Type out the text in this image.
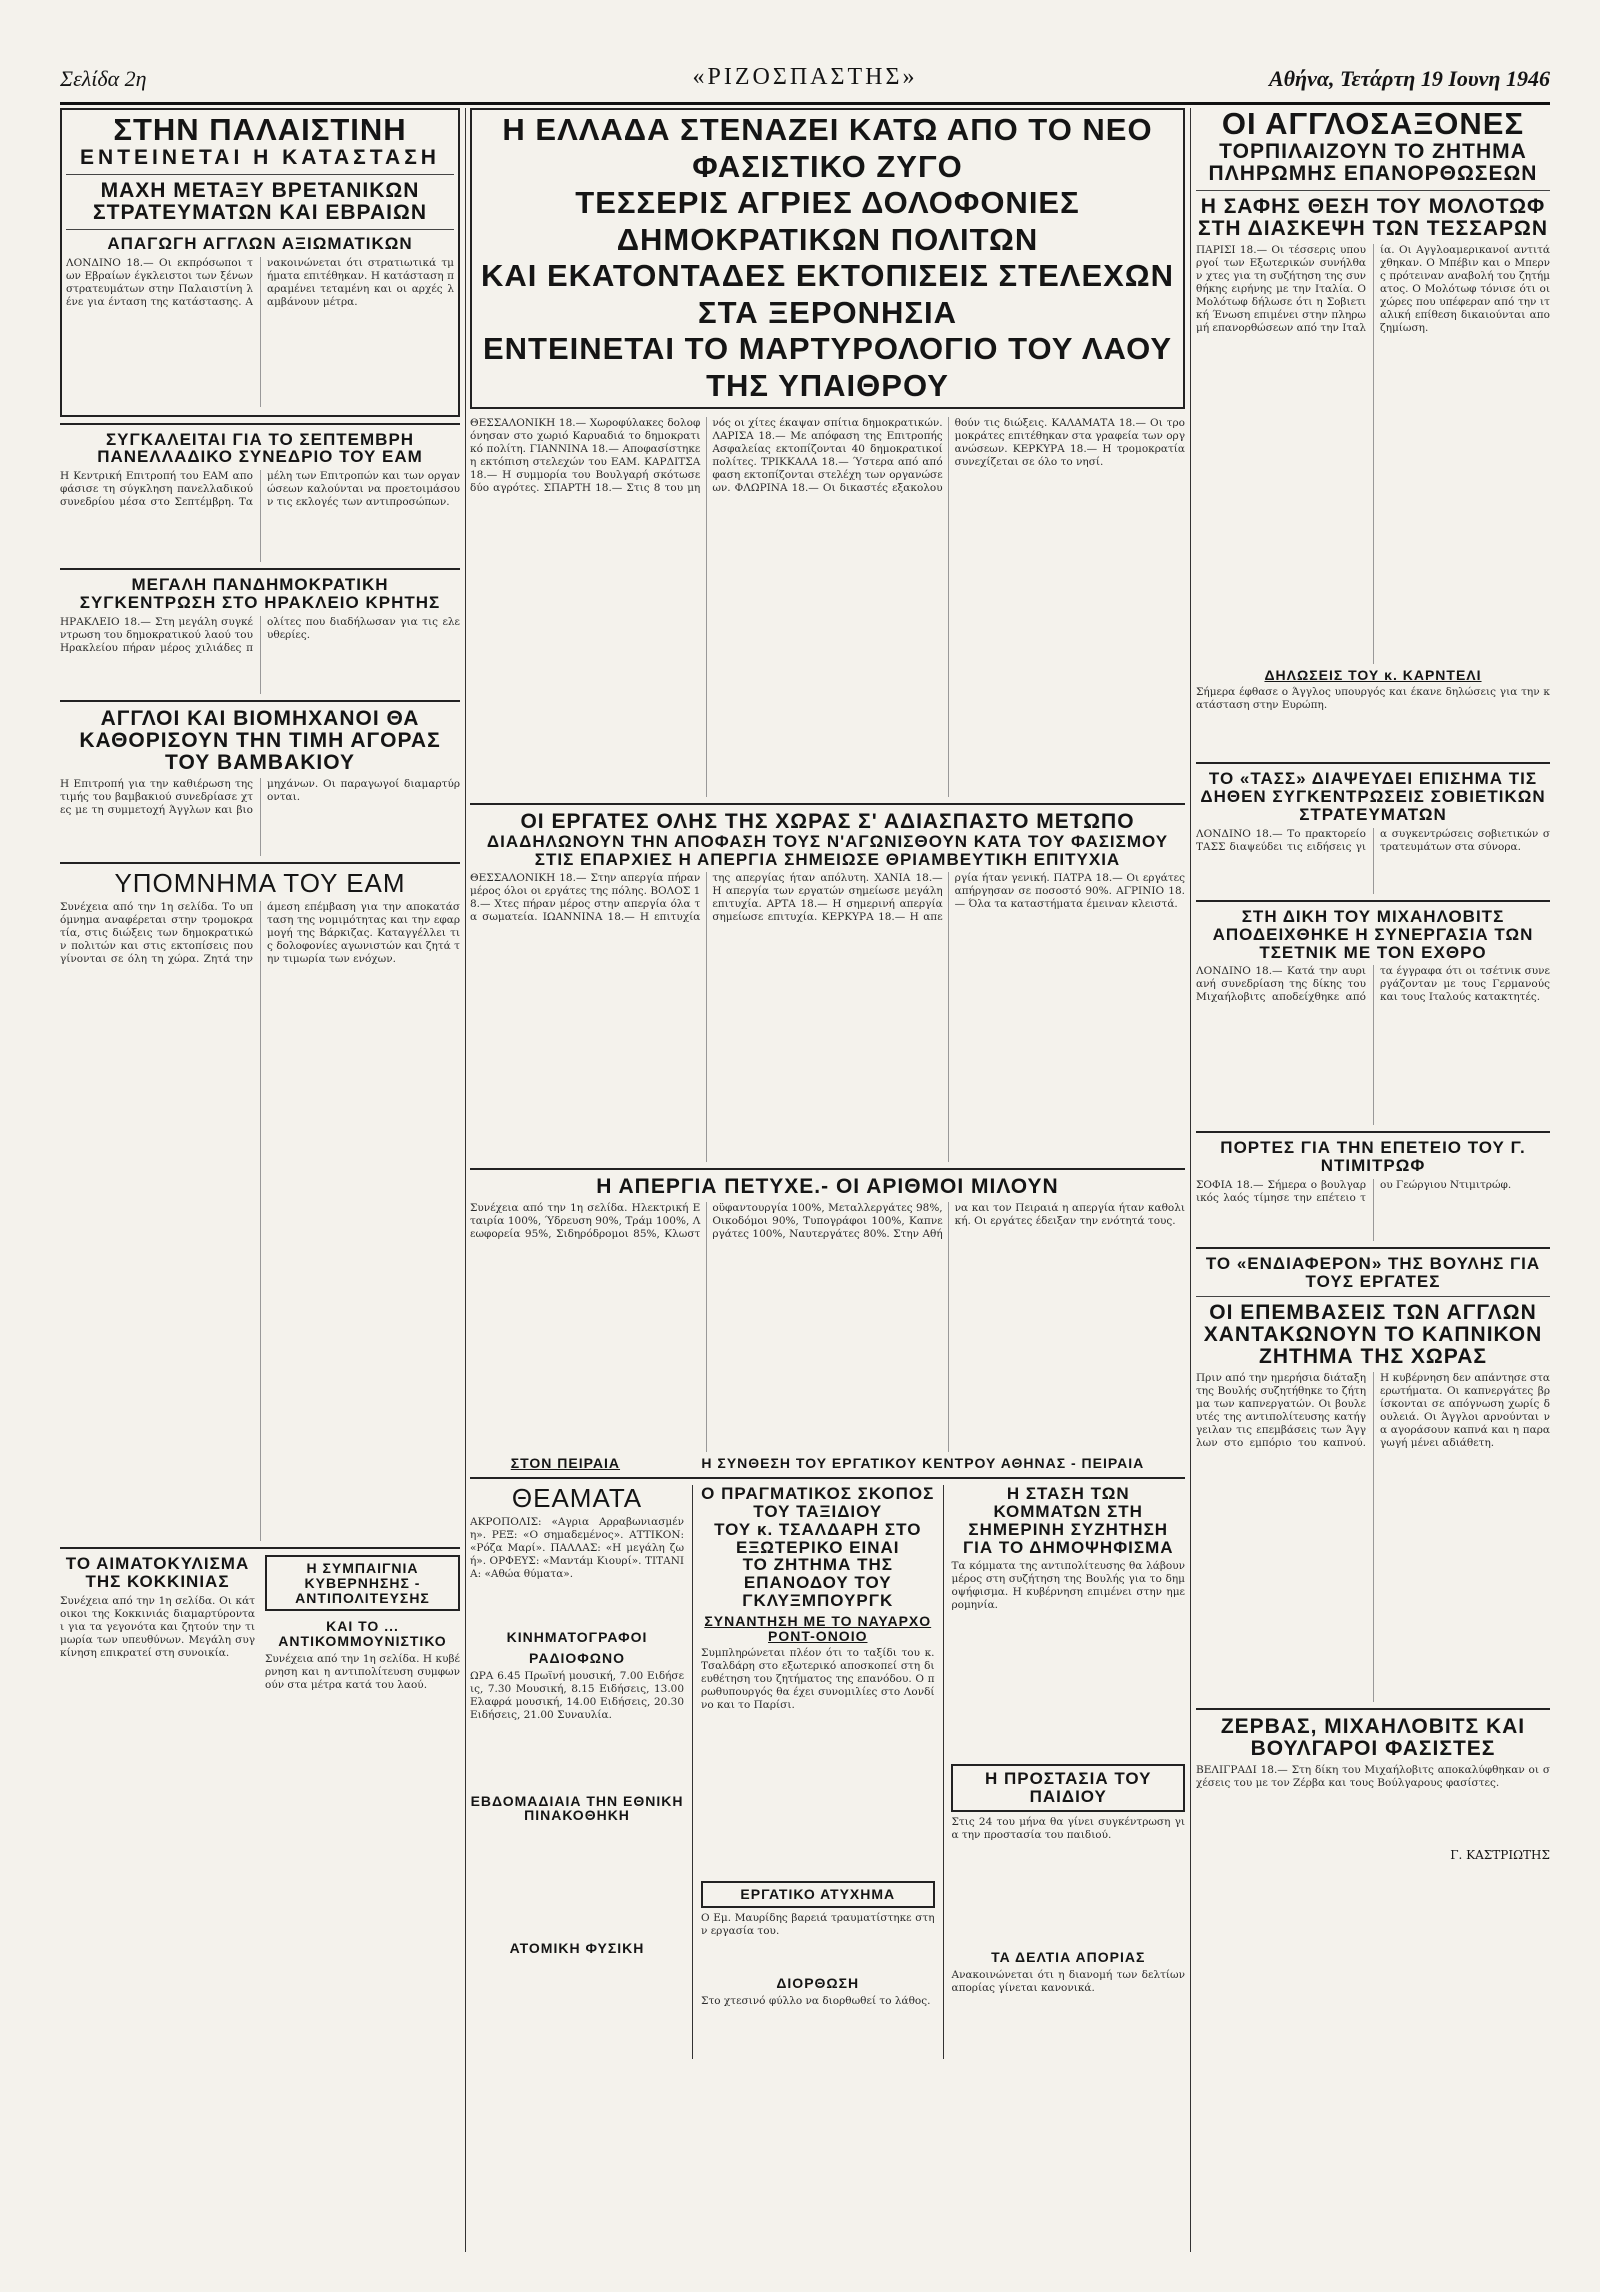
Σελίδα 2η	«ΡΙΖΟΣΠΑΣΤΗΣ»	Αθήνα, Τετάρτη 19 Ιουνη 1946
ΣΤΗΝ ΠΑΛΑΙΣΤΙΝΗ
ΕΝΤΕΙΝΕΤΑΙ Η ΚΑΤΑΣΤΑΣΗ
ΜΑΧΗ ΜΕΤΑΞΥ ΒΡΕΤΑΝΙΚΩΝ ΣΤΡΑΤΕΥΜΑΤΩΝ ΚΑΙ ΕΒΡΑΙΩΝ
ΑΠΑΓΩΓΗ ΑΓΓΛΩΝ ΑΞΙΩΜΑΤΙΚΩΝ
ΛΟΝΔΙΝΟ 18.— Οι εκπρόσωποι των Εβραίων έγκλειστοι των ξένων στρατευμάτων στην Παλαιστίνη λένε για ένταση της κατάστασης. Ανακοινώνεται ότι στρατιωτικά τμήματα επιτέθηκαν. Η κατάσταση παραμένει τεταμένη και οι αρχές λαμβάνουν μέτρα.
ΣΥΓΚΑΛΕΙΤΑΙ ΓΙΑ ΤΟ ΣΕΠΤΕΜΒΡΗ
ΠΑΝΕΛΛΑΔΙΚΟ ΣΥΝΕΔΡΙΟ ΤΟΥ ΕΑΜ
Η Κεντρική Επιτροπή του ΕΑΜ αποφάσισε τη σύγκληση πανελλαδικού συνεδρίου μέσα στο Σεπτέμβρη. Τα μέλη των Επιτροπών και των οργανώσεων καλούνται να προετοιμάσουν τις εκλογές των αντιπροσώπων.
ΜΕΓΑΛΗ ΠΑΝΔΗΜΟΚΡΑΤΙΚΗ
ΣΥΓΚΕΝΤΡΩΣΗ ΣΤΟ ΗΡΑΚΛΕΙΟ ΚΡΗΤΗΣ
ΗΡΑΚΛΕΙΟ 18.— Στη μεγάλη συγκέντρωση του δημοκρατικού λαού του Ηρακλείου πήραν μέρος χιλιάδες πολίτες που διαδήλωσαν για τις ελευθερίες.
ΑΓΓΛΟΙ ΚΑΙ ΒΙΟΜΗΧΑΝΟΙ ΘΑ ΚΑΘΟΡΙΣΟΥΝ ΤΗΝ ΤΙΜΗ ΑΓΟΡΑΣ ΤΟΥ ΒΑΜΒΑΚΙΟΥ
Η Επιτροπή για την καθιέρωση της τιμής του βαμβακιού συνεδρίασε χτες με τη συμμετοχή Άγγλων και βιομηχάνων. Οι παραγωγοί διαμαρτύρονται.
ΥΠΟΜΝΗΜΑ ΤΟΥ ΕΑΜ
Συνέχεια από την 1η σελίδα. Το υπόμνημα αναφέρεται στην τρομοκρατία, στις διώξεις των δημοκρατικών πολιτών και στις εκτοπίσεις που γίνονται σε όλη τη χώρα. Ζητά την άμεση επέμβαση για την αποκατάσταση της νομιμότητας και την εφαρμογή της Βάρκιζας. Καταγγέλλει τις δολοφονίες αγωνιστών και ζητά την τιμωρία των ενόχων.
ΤΟ ΑΙΜΑΤΟΚΥΛΙΣΜΑ ΤΗΣ ΚΟΚΚΙΝΙΑΣ
Συνέχεια από την 1η σελίδα. Οι κάτοικοι της Κοκκινιάς διαμαρτύρονται για τα γεγονότα και ζητούν την τιμωρία των υπευθύνων. Μεγάλη συγκίνηση επικρατεί στη συνοικία.
Η ΣΥΜΠΑΙΓΝΙΑ ΚΥΒΕΡΝΗΣΗΣ - ΑΝΤΙΠΟΛΙΤΕΥΣΗΣ
ΚΑΙ ΤΟ ... ΑΝΤΙΚΟΜΜΟΥΝΙΣΤΙΚΟ
Συνέχεια από την 1η σελίδα. Η κυβέρνηση και η αντιπολίτευση συμφωνούν στα μέτρα κατά του λαού.
Η ΕΛΛΑΔΑ ΣΤΕΝΑΖΕΙ ΚΑΤΩ ΑΠΟ ΤΟ ΝΕΟ ΦΑΣΙΣΤΙΚΟ ΖΥΓΟ
ΤΕΣΣΕΡΙΣ ΑΓΡΙΕΣ ΔΟΛΟΦΟΝΙΕΣ ΔΗΜΟΚΡΑΤΙΚΩΝ ΠΟΛΙΤΩΝ
ΚΑΙ ΕΚΑΤΟΝΤΑΔΕΣ ΕΚΤΟΠΙΣΕΙΣ ΣΤΕΛΕΧΩΝ ΣΤΑ ΞΕΡΟΝΗΣΙΑ
ΕΝΤΕΙΝΕΤΑΙ ΤΟ ΜΑΡΤΥΡΟΛΟΓΙΟ ΤΟΥ ΛΑΟΥ ΤΗΣ ΥΠΑΙΘΡΟΥ
ΘΕΣΣΑΛΟΝΙΚΗ 18.— Χωροφύλακες δολοφόνησαν στο χωριό Καρυαδιά το δημοκρατικό πολίτη. ΓΙΑΝΝΙΝΑ 18.— Αποφασίστηκε η εκτόπιση στελεχών του ΕΑΜ. ΚΑΡΔΙΤΣΑ 18.— Η συμμορία του Βουλγαρή σκότωσε δύο αγρότες. ΣΠΑΡΤΗ 18.— Στις 8 του μηνός οι χίτες έκαψαν σπίτια δημοκρατικών. ΛΑΡΙΣΑ 18.— Με απόφαση της Επιτροπής Ασφαλείας εκτοπίζονται 40 δημοκρατικοί πολίτες. ΤΡΙΚΚΑΛΑ 18.— Ύστερα από απόφαση εκτοπίζονται στελέχη των οργανώσεων. ΦΛΩΡΙΝΑ 18.— Οι δικαστές εξακολουθούν τις διώξεις. ΚΑΛΑΜΑΤΑ 18.— Οι τρομοκράτες επιτέθηκαν στα γραφεία των οργανώσεων. ΚΕΡΚΥΡΑ 18.— Η τρομοκρατία συνεχίζεται σε όλο το νησί.
ΟΙ ΕΡΓΑΤΕΣ ΟΛΗΣ ΤΗΣ ΧΩΡΑΣ Σ' ΑΔΙΑΣΠΑΣΤΟ ΜΕΤΩΠΟ
ΔΙΑΔΗΛΩΝΟΥΝ ΤΗΝ ΑΠΟΦΑΣΗ ΤΟΥΣ Ν'ΑΓΩΝΙΣΘΟΥΝ ΚΑΤΑ ΤΟΥ ΦΑΣΙΣΜΟΥ
ΣΤΙΣ ΕΠΑΡΧΙΕΣ Η ΑΠΕΡΓΙΑ ΣΗΜΕΙΩΣΕ ΘΡΙΑΜΒΕΥΤΙΚΗ ΕΠΙΤΥΧΙΑ
ΘΕΣΣΑΛΟΝΙΚΗ 18.— Στην απεργία πήραν μέρος όλοι οι εργάτες της πόλης. ΒΟΛΟΣ 18.— Χτες πήραν μέρος στην απεργία όλα τα σωματεία. ΙΩΑΝΝΙΝΑ 18.— Η επιτυχία της απεργίας ήταν απόλυτη. ΧΑΝΙΑ 18.— Η απεργία των εργατών σημείωσε μεγάλη επιτυχία. ΑΡΤΑ 18.— Η σημερινή απεργία σημείωσε επιτυχία. ΚΕΡΚΥΡΑ 18.— Η απεργία ήταν γενική. ΠΑΤΡΑ 18.— Οι εργάτες απήργησαν σε ποσοστό 90%. ΑΓΡΙΝΙΟ 18.— Όλα τα καταστήματα έμειναν κλειστά.
Η ΑΠΕΡΓΙΑ ΠΕΤΥΧΕ.- ΟΙ ΑΡΙΘΜΟΙ ΜΙΛΟΥΝ
Συνέχεια από την 1η σελίδα. Ηλεκτρική Εταιρία 100%, Ύδρευση 90%, Τράμ 100%, Λεωφορεία 95%, Σιδηρόδρομοι 85%, Κλωστοϋφαντουργία 100%, Μεταλλεργάτες 98%, Οικοδόμοι 90%, Τυπογράφοι 100%, Καπνεργάτες 100%, Ναυτεργάτες 80%. Στην Αθήνα και τον Πειραιά η απεργία ήταν καθολική. Οι εργάτες έδειξαν την ενότητά τους.
ΣΤΟΝ ΠΕΙΡΑΙΑ	Η ΣΥΝΘΕΣΗ ΤΟΥ ΕΡΓΑΤΙΚΟΥ ΚΕΝΤΡΟΥ ΑΘΗΝΑΣ - ΠΕΙΡΑΙΑ
ΘΕΑΜΑΤΑ
ΑΚΡΟΠΟΛΙΣ: «Αγρια Αρραβωνιασμένη». ΡΕΞ: «Ο σημαδεμένος». ΑΤΤΙΚΟΝ: «Ρόζα Μαρί». ΠΑΛΛΑΣ: «Η μεγάλη ζωή». ΟΡΦΕΥΣ: «Μαντάμ Κιουρί». ΤΙΤΑΝΙΑ: «Αθώα θύματα».
ΚΙΝΗΜΑΤΟΓΡΑΦΟΙ
ΡΑΔΙΟΦΩΝΟ
ΩΡΑ 6.45 Πρωϊνή μουσική, 7.00 Ειδήσεις, 7.30 Μουσική, 8.15 Ειδήσεις, 13.00 Ελαφρά μουσική, 14.00 Ειδήσεις, 20.30 Ειδήσεις, 21.00 Συναυλία.
ΕΒΔΟΜΑΔΙΑΙΑ ΤΗΝ ΕΘΝΙΚΗ ΠΙΝΑΚΟΘΗΚΗ
ΑΤΟΜΙΚΗ ΦΥΣΙΚΗ
Ο ΠΡΑΓΜΑΤΙΚΟΣ ΣΚΟΠΟΣ ΤΟΥ ΤΑΞΙΔΙΟΥ
ΤΟΥ κ. ΤΣΑΛΔΑΡΗ ΣΤΟ ΕΞΩΤΕΡΙΚΟ ΕΙΝΑΙ
ΤΟ ΖΗΤΗΜΑ ΤΗΣ ΕΠΑΝΟΔΟΥ ΤΟΥ ΓΚΛΥΞΜΠΟΥΡΓΚ
ΣΥΝΑΝΤΗΣΗ ΜΕ ΤΟ ΝΑΥΑΡΧΟ ΡΟΝΤ-ΟΝΟΙΟ
Συμπληρώνεται πλέον ότι το ταξίδι του κ. Τσαλδάρη στο εξωτερικό αποσκοπεί στη διευθέτηση του ζητήματος της επανόδου. Ο πρωθυπουργός θα έχει συνομιλίες στο Λονδίνο και το Παρίσι.
ΕΡΓΑΤΙΚΟ ΑΤΥΧΗΜΑ
Ο Εμ. Μαυρίδης βαρειά τραυματίστηκε στην εργασία του.
ΔΙΟΡΘΩΣΗ
Στο χτεσινό φύλλο να διορθωθεί το λάθος.
Η ΣΤΑΣΗ ΤΩΝ ΚΟΜΜΑΤΩΝ ΣΤΗ ΣΗΜΕΡΙΝΗ ΣΥΖΗΤΗΣΗ ΓΙΑ ΤΟ ΔΗΜΟΨΗΦΙΣΜΑ
Τα κόμματα της αντιπολίτευσης θα λάβουν μέρος στη συζήτηση της Βουλής για το δημοψήφισμα. Η κυβέρνηση επιμένει στην ημερομηνία.
Η ΠΡΟΣΤΑΣΙΑ ΤΟΥ ΠΑΙΔΙΟΥ
Στις 24 του μήνα θα γίνει συγκέντρωση για την προστασία του παιδιού.
ΤΑ ΔΕΛΤΙΑ ΑΠΟΡΙΑΣ
Ανακοινώνεται ότι η διανομή των δελτίων απορίας γίνεται κανονικά.
ΟΙ ΑΓΓΛΟΣΑΞΟΝΕΣ
ΤΟΡΠΙΛΑΙΖΟΥΝ ΤΟ ΖΗΤΗΜΑ ΠΛΗΡΩΜΗΣ ΕΠΑΝΟΡΘΩΣΕΩΝ
Η ΣΑΦΗΣ ΘΕΣΗ ΤΟΥ ΜΟΛΟΤΩΦ ΣΤΗ ΔΙΑΣΚΕΨΗ ΤΩΝ ΤΕΣΣΑΡΩΝ
ΠΑΡΙΣΙ 18.— Οι τέσσερις υπουργοί των Εξωτερικών συνήλθαν χτες για τη συζήτηση της συνθήκης ειρήνης με την Ιταλία. Ο Μολότωφ δήλωσε ότι η Σοβιετική Ένωση επιμένει στην πληρωμή επανορθώσεων από την Ιταλία. Οι Αγγλοαμερικανοί αντιτάχθηκαν. Ο Μπέβιν και ο Μπερνς πρότειναν αναβολή του ζητήματος. Ο Μολότωφ τόνισε ότι οι χώρες που υπέφεραν από την ιταλική επίθεση δικαιούνται αποζημίωση.
ΔΗΛΩΣΕΙΣ ΤΟΥ κ. ΚΑΡΝΤΕΛΙ
Σήμερα έφθασε ο Άγγλος υπουργός και έκανε δηλώσεις για την κατάσταση στην Ευρώπη.
ΤΟ «ΤΑΣΣ» ΔΙΑΨΕΥΔΕΙ ΕΠΙΣΗΜΑ ΤΙΣ ΔΗΘΕΝ ΣΥΓΚΕΝΤΡΩΣΕΙΣ ΣΟΒΙΕΤΙΚΩΝ ΣΤΡΑΤΕΥΜΑΤΩΝ
ΛΟΝΔΙΝΟ 18.— Το πρακτορείο ΤΑΣΣ διαψεύδει τις ειδήσεις για συγκεντρώσεις σοβιετικών στρατευμάτων στα σύνορα.
ΣΤΗ ΔΙΚΗ ΤΟΥ ΜΙΧΑΗΛΟΒΙΤΣ ΑΠΟΔΕΙΧΘΗΚΕ Η ΣΥΝΕΡΓΑΣΙΑ ΤΩΝ ΤΣΕΤΝΙΚ ΜΕ ΤΟΝ ΕΧΘΡΟ
ΛΟΝΔΙΝΟ 18.— Κατά την αυριανή συνεδρίαση της δίκης του Μιχαήλοβιτς αποδείχθηκε από τα έγγραφα ότι οι τσέτνικ συνεργάζονταν με τους Γερμανούς και τους Ιταλούς κατακτητές.
ΠΟΡΤΕΣ ΓΙΑ ΤΗΝ ΕΠΕΤΕΙΟ ΤΟΥ Γ. ΝΤΙΜΙΤΡΩΦ
ΣΟΦΙΑ 18.— Σήμερα ο βουλγαρικός λαός τίμησε την επέτειο του Γεώργιου Ντιμιτρώφ.
ΤΟ «ΕΝΔΙΑΦΕΡΟΝ» ΤΗΣ ΒΟΥΛΗΣ ΓΙΑ ΤΟΥΣ ΕΡΓΑΤΕΣ
ΟΙ ΕΠΕΜΒΑΣΕΙΣ ΤΩΝ ΑΓΓΛΩΝ ΧΑΝΤΑΚΩΝΟΥΝ ΤΟ ΚΑΠΝΙΚΟΝ ΖΗΤΗΜΑ ΤΗΣ ΧΩΡΑΣ
Πριν από την ημερήσια διάταξη της Βουλής συζητήθηκε το ζήτημα των καπνεργατών. Οι βουλευτές της αντιπολίτευσης κατήγγειλαν τις επεμβάσεις των Άγγλων στο εμπόριο του καπνού. Η κυβέρνηση δεν απάντησε στα ερωτήματα. Οι καπνεργάτες βρίσκονται σε απόγνωση χωρίς δουλειά. Οι Άγγλοι αρνούνται να αγοράσουν καπνά και η παραγωγή μένει αδιάθετη.
ΖΕΡΒΑΣ, ΜΙΧΑΗΛΟΒΙΤΣ ΚΑΙ ΒΟΥΛΓΑΡΟΙ ΦΑΣΙΣΤΕΣ
ΒΕΛΙΓΡΑΔΙ 18.— Στη δίκη του Μιχαήλοβιτς αποκαλύφθηκαν οι σχέσεις του με τον Ζέρβα και τους Βούλγαρους φασίστες.
Γ. ΚΑΣΤΡΙΩΤΗΣ
